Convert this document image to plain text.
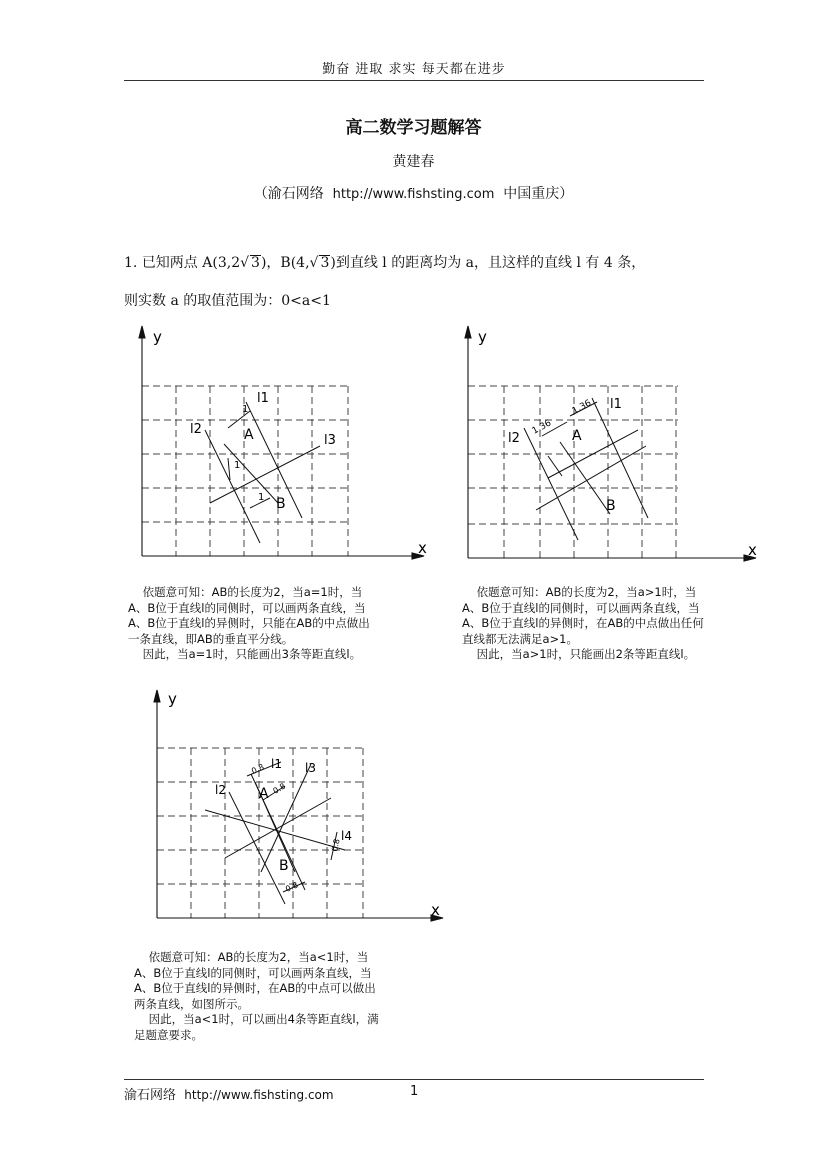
勤奋 进取 求实 每天都在进步
高二数学习题解答
黄建春
（渝石网络 http://www.fishsting.com 中国重庆）
1. 已知两点 A(3,2√ 3)，B(4,√ 3)到直线 l 的距离均为 a，且这样的直线 l 有 4 条，
则实数 a 的取值范围为：0<a<1
y
x
l1
l2
l3
A
B
1
1
1
依题意可知：AB的长度为2，当a=1时，当
A、B位于直线l的同侧时，可以画两条直线，当
A、B位于直线l的异侧时，只能在AB的中点做出
一条直线，即AB的垂直平分线。
因此，当a=1时，只能画出3条等距直线l。
y
x
l1
l2	A
B
1.36
1.36
依题意可知：AB的长度为2，当a>1时，当
A、B位于直线l的同侧时，可以画两条直线，当
A、B位于直线l的异侧时，在AB的中点做出任何
直线都无法满足a>1。
因此，当a>1时，只能画出2条等距直线l。
y
x
l1
l2
l3
l4
A
B
0.8
0.8
0.8
0.8
依题意可知：AB的长度为2，当a<1时，当
A、B位于直线l的同侧时，可以画两条直线，当
A、B位于直线l的异侧时，在AB的中点可以做出
两条直线，如图所示。
因此，当a<1时，可以画出4条等距直线l，满
足题意要求。
渝石网络 http://www.fishsting.com	1
